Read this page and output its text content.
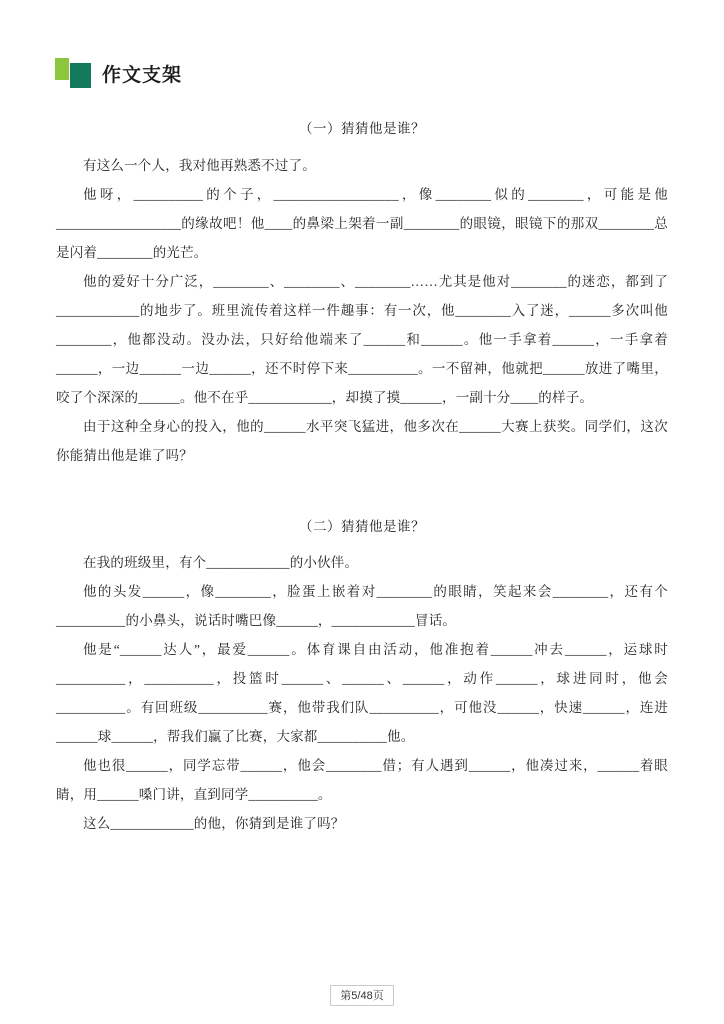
作文支架

（一）猜猜他是谁？

有这么一个人，我对他再熟悉不过了。

他呀，__________的个子，__________________，像________似的________，可能是他__________________的缘故吧！他____的鼻梁上架着一副________的眼镜，眼镜下的那双________总是闪着________的光芒。

他的爱好十分广泛，________、________、________……尤其是他对________的迷恋，都到了____________的地步了。班里流传着这样一件趣事：有一次，他________入了迷，______多次叫他________，他都没动。没办法，只好给他端来了______和______。他一手拿着______，一手拿着______，一边______一边______，还不时停下来__________。一不留神，他就把______放进了嘴里，咬了个深深的______。他不在乎____________，却摸了摸______，一副十分____的样子。

由于这种全身心的投入，他的______水平突飞猛进，他多次在______大赛上获奖。同学们，这次你能猜出他是谁了吗？

（二）猜猜他是谁？

在我的班级里，有个____________的小伙伴。

他的头发______，像________，脸蛋上嵌着对________的眼睛，笑起来会________，还有个__________的小鼻头，说话时嘴巴像______，____________冒话。

他是“______达人”，最爱______。体育课自由活动，他准抱着______冲去______，运球时__________，__________，投篮时______、______、______，动作______，球进同时，他会__________。有回班级__________赛，他带我们队__________，可他没______，快速______，连进______球______，帮我们赢了比赛，大家都__________他。

他也很______，同学忘带______，他会________借；有人遇到______，他凑过来，______着眼睛，用______嗓门讲，直到同学__________。

这么____________的他，你猜到是谁了吗？

第5/48页
